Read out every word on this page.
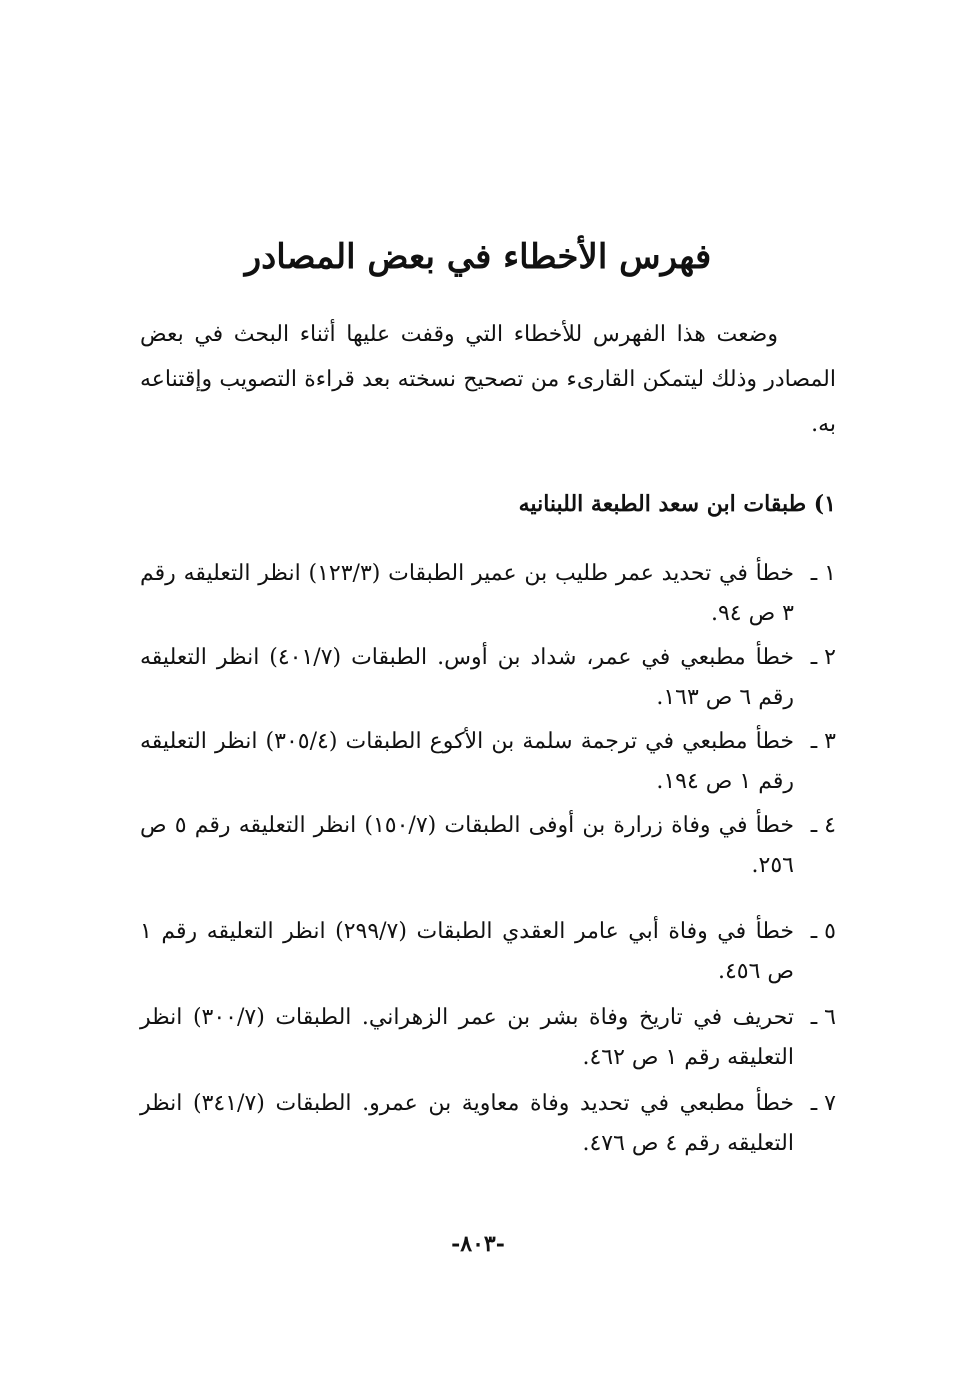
فهرس الأخطاء في بعض المصادر

وضعت هذا الفهرس للأخطاء التي وقفت عليها أثناء البحث في بعض المصادر وذلك ليتمكن القارىء من تصحيح نسخته بعد قراءة التصويب وإقتناعه به.

١) طبقات ابن سعد الطبعة اللبنانيه
١ ـ
خطأ في تحديد عمر طليب بن عمير الطبقات (١٢٣/٣) انظر التعليقه رقم ٣ ص ٩٤.
٢ ـ
خطأ مطبعي في عمر، شداد بن أوس. الطبقات (٤٠١/٧) انظر التعليقه رقم ٦ ص ١٦٣.
٣ ـ
خطأ مطبعي في ترجمة سلمة بن الأكوع الطبقات (٣٠٥/٤) انظر التعليقه رقم ١ ص ١٩٤.
٤ ـ
خطأ في وفاة زرارة بن أوفى الطبقات (١٥٠/٧) انظر التعليقه رقم ٥ ص ٢٥٦.
٥ ـ
خطأ في وفاة أبي عامر العقدي الطبقات (٢٩٩/٧) انظر التعليقه رقم ١ ص ٤٥٦.
٦ ـ
تحريف في تاريخ وفاة بشر بن عمر الزهراني. الطبقات (٣٠٠/٧) انظر التعليقه رقم ١ ص ٤٦٢.
٧ ـ
خطأ مطبعي في تحديد وفاة معاوية بن عمرو. الطبقات (٣٤١/٧) انظر التعليقه رقم ٤ ص ٤٧٦.
-٨٠٣-
